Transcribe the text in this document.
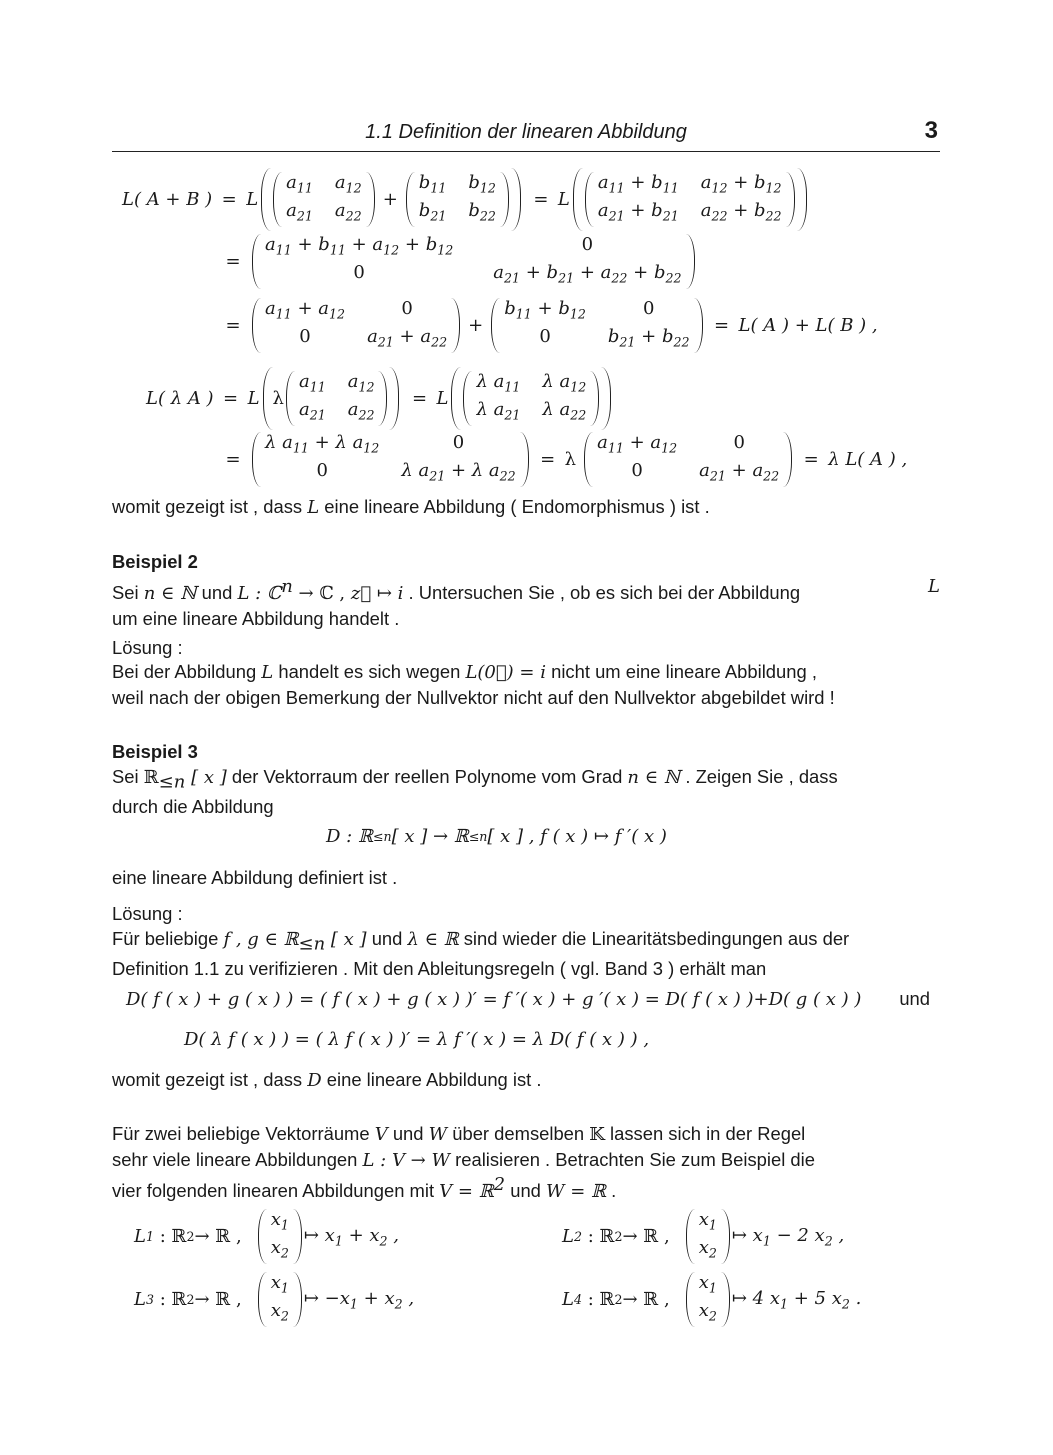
1.1 Definition der linearen Abbildung	3
L( A + B ) = L
$a_{11}$ $a_{12}$
$a_{21}$ $a_{22}$
+
$b_{11}$ $b_{12}$
$b_{21}$ $b_{22}$
= L
$a_{11} + b_{11}$ $a_{12} + b_{12}$
$a_{21} + b_{21}$ $a_{22} + b_{22}$
=
$a_{11} + b_{11} + a_{12} + b_{12}$	0
0	$a_{21} + b_{21} + a_{22} + b_{22}$
=
$a_{11} + a_{12}$	0
0	$a_{21} + a_{22}$
+
$b_{11} + b_{12}$	0
0	$b_{21} + b_{22}$
= L( A ) + L( B ) ,
L( λ A ) = L λ
$a_{11}$ $a_{12}$
$a_{21}$ $a_{22}$
= L
λ $a_{11}$ λ $a_{12}$
λ $a_{21}$ λ $a_{22}$
=
λ $a_{11} + \lambda$ $a_{12}$	0
0	λ $a_{21} + \lambda$ $a_{22}$
= λ
$a_{11} + a_{12}$	0
0	$a_{21} + a_{22}$
= λ L( A ) ,
womit gezeigt ist , dass L eine lineare Abbildung ( Endomorphismus ) ist .
Beispiel 2
Sei n ∈ ℕ und L : ℂ$^n$ → ℂ , z⃗ ↦ i . Untersuchen Sie , ob es sich bei der Abbildung	L

um eine lineare Abbildung handelt .
Lösung :
Bei der Abbildung L handelt es sich wegen L(0⃗) = i nicht um eine lineare Abbildung ,
weil nach der obigen Bemerkung der Nullvektor nicht auf den Nullvektor abgebildet wird !
Beispiel 3
Sei ℝ$_{\le n}$ [ x ] der Vektorraum der reellen Polynome vom Grad n ∈ ℕ . Zeigen Sie , dass
durch die Abbildung
D : ℝ ≤n [ x ] → ℝ ≤n [ x ] , f ( x ) ↦ f ′( x )
eine lineare Abbildung definiert ist .
Lösung :
Für beliebige f , g ∈ ℝ$_{\le n}$ [ x ] und λ ∈ ℝ sind wieder die Linearitätsbedingungen aus der
Definition 1.1 zu verifizieren . Mit den Ableitungsregeln ( vgl. Band 3 ) erhält man
D( f ( x ) + g ( x ) ) = ( f ( x ) + g ( x ) )′ = f ′( x ) + g ′( x ) = D( f ( x ) )+D( g ( x ) ) und
D( λ f ( x ) ) = ( λ f ( x ) )′ = λ f ′( x ) = λ D( f ( x ) ) ,
womit gezeigt ist , dass D eine lineare Abbildung ist .
Für zwei beliebige Vektorräume V und W über demselben 𝕂 lassen sich in der Regel
sehr viele lineare Abbildungen L : V → W realisieren . Betrachten Sie zum Beispiel die
vier folgenden linearen Abbildungen mit V = ℝ$^2$ und W = ℝ .
L 1 : ℝ 2 → ℝ ,
$x_1$
$x_2$
↦ $x_1 + x_2$ ,	L 2 : ℝ 2 → ℝ ,
$x_1$
$x_2$
↦ $x_1 - 2$ $x_2$ ,
L 3 : ℝ 2 → ℝ ,
$x_1$
$x_2$
↦ $-x_1 + x_2$ ,	L 4 : ℝ 2 → ℝ ,
$x_1$
$x_2$
↦ 4 $x_1 + 5$ $x_2$ .
